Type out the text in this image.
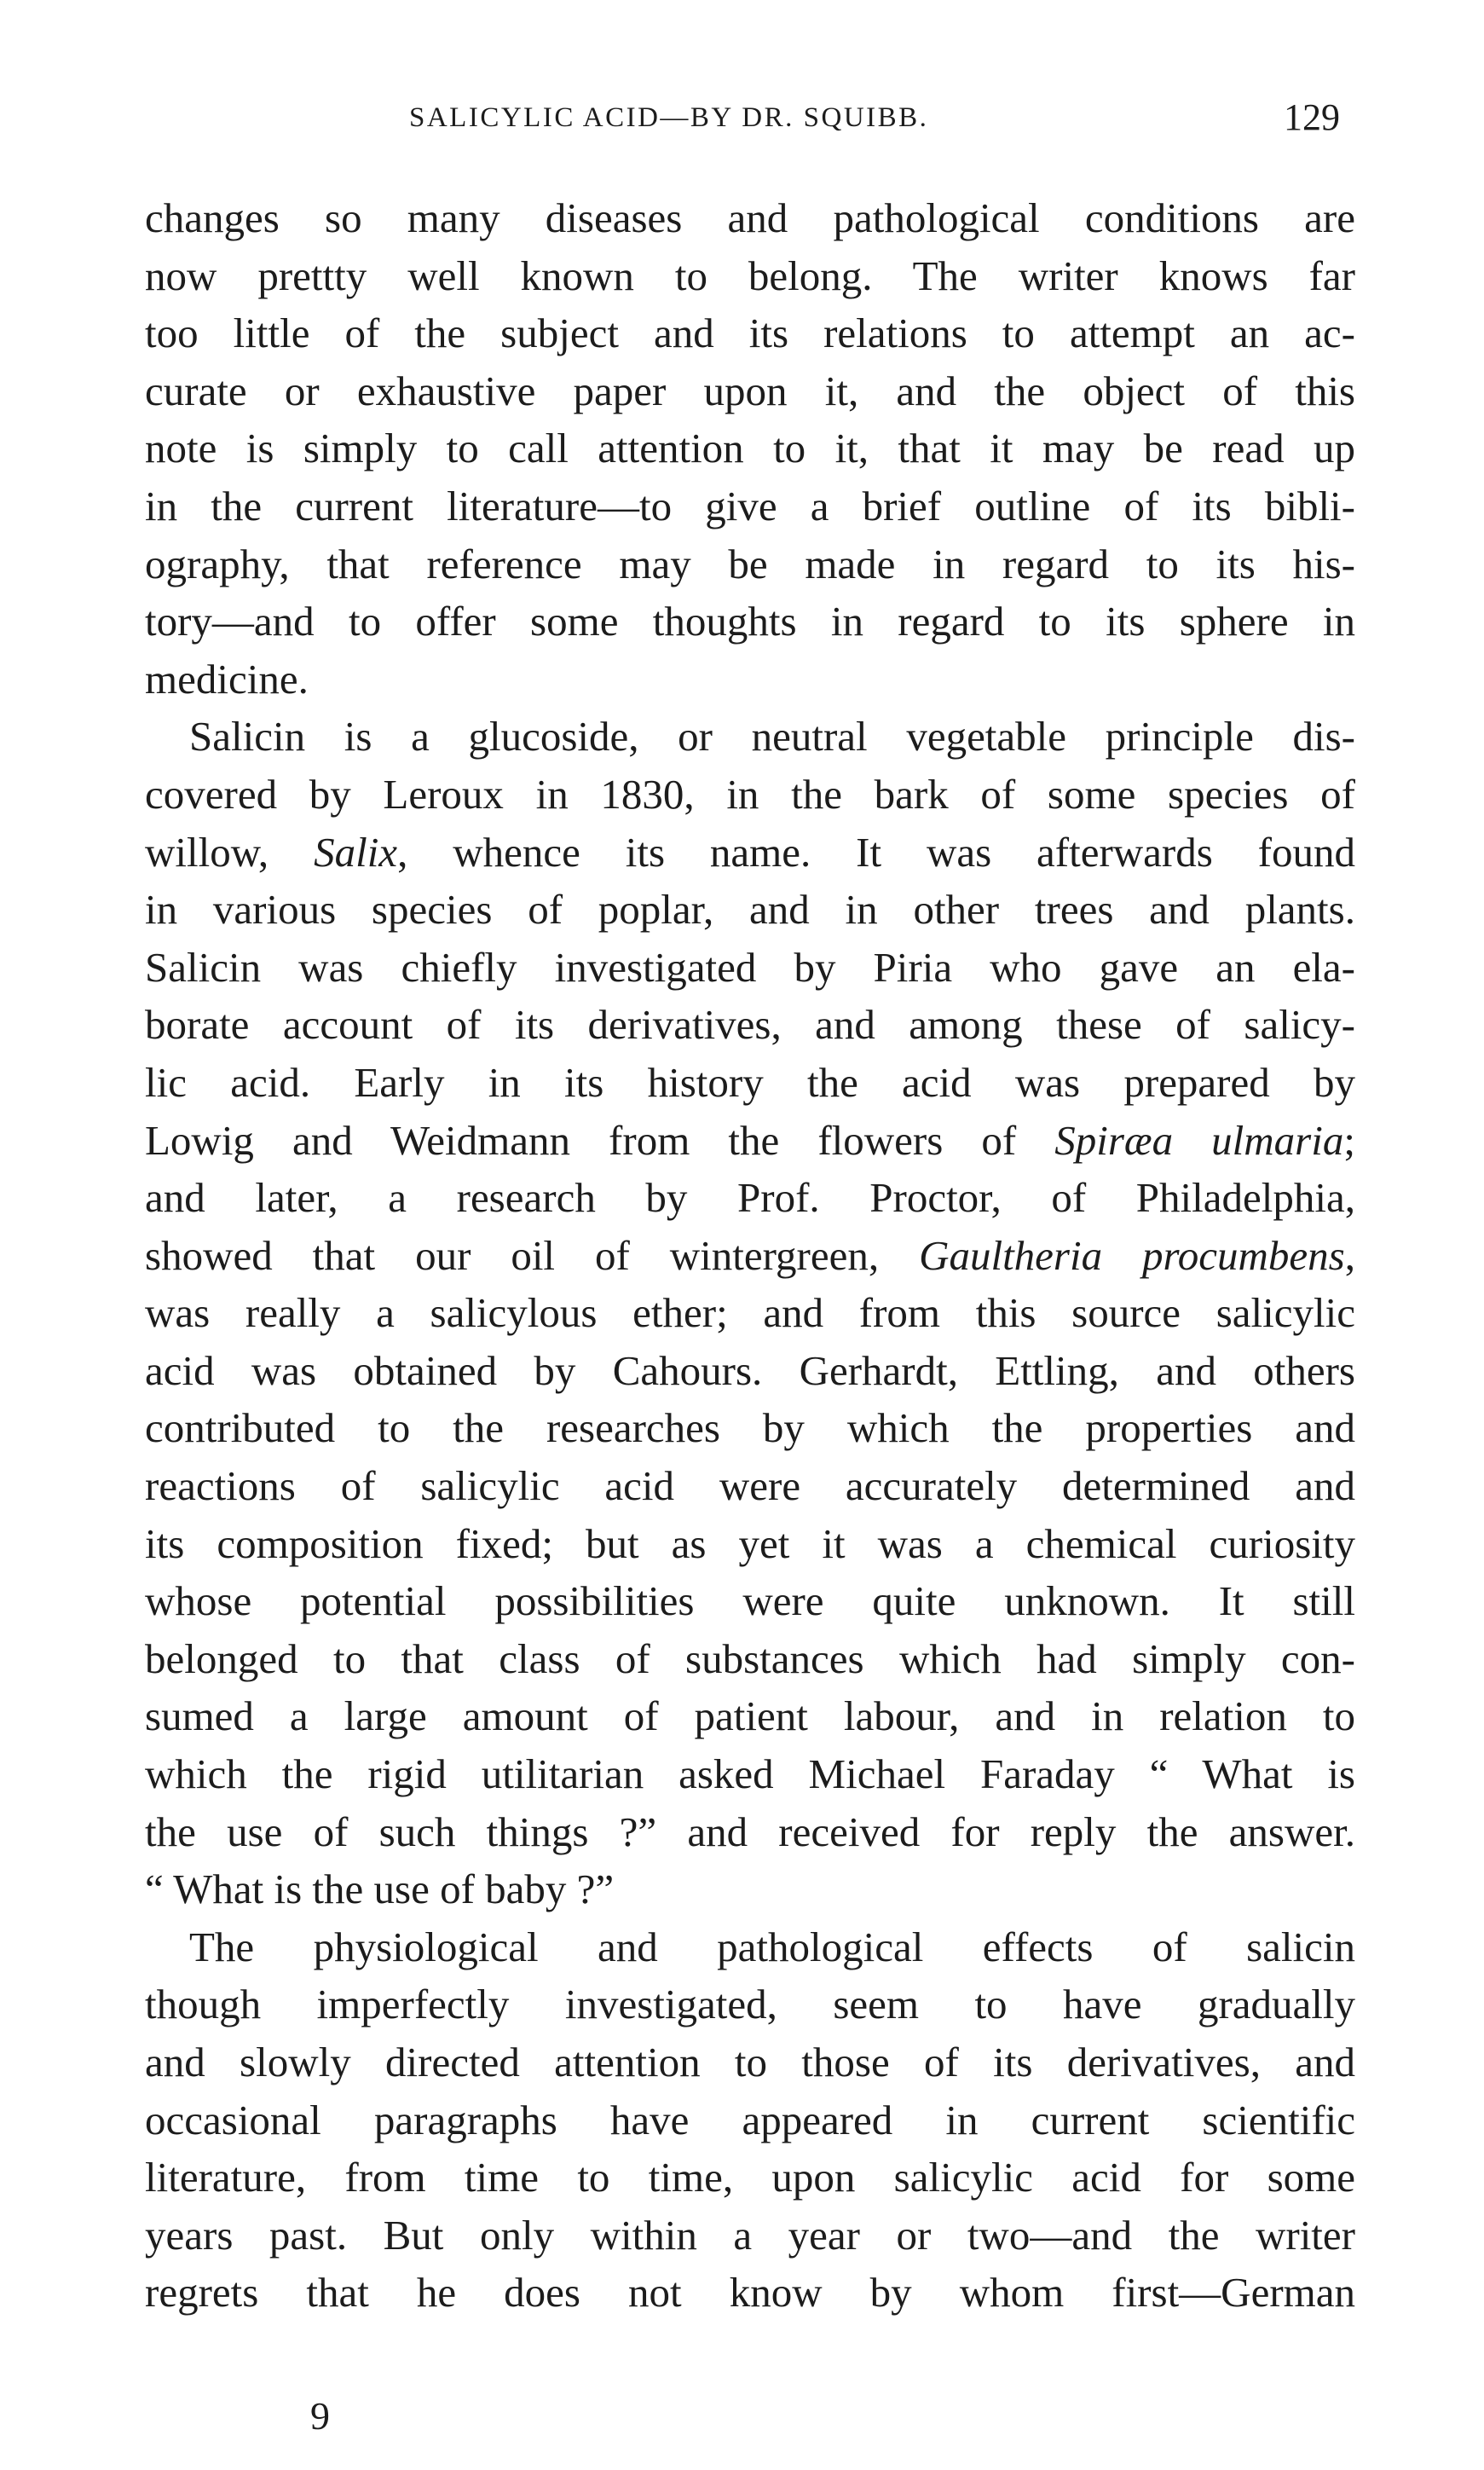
SALICYLIC ACID—BY DR. SQUIBB.	129
changes so many diseases and pathological conditions are
now prettty well known to belong. The writer knows far
too little of the subject and its relations to attempt an ac-
curate or exhaustive paper upon it, and the object of this
note is simply to call attention to it, that it may be read up
in the current literature—to give a brief outline of its bibli-
ography, that reference may be made in regard to its his-
tory—and to offer some thoughts in regard to its sphere in
medicine.
Salicin is a glucoside, or neutral vegetable principle dis-
covered by Leroux in 1830, in the bark of some species of
willow, Salix, whence its name. It was afterwards found
in various species of poplar, and in other trees and plants.
Salicin was chiefly investigated by Piria who gave an ela-
borate account of its derivatives, and among these of salicy-
lic acid. Early in its history the acid was prepared by
Lowig and Weidmann from the flowers of Spiræa ulmaria;
and later, a research by Prof. Proctor, of Philadelphia,
showed that our oil of wintergreen, Gaultheria procumbens,
was really a salicylous ether; and from this source salicylic
acid was obtained by Cahours. Gerhardt, Ettling, and others
contributed to the researches by which the properties and
reactions of salicylic acid were accurately determined and
its composition fixed; but as yet it was a chemical curiosity
whose potential possibilities were quite unknown. It still
belonged to that class of substances which had simply con-
sumed a large amount of patient labour, and in relation to
which the rigid utilitarian asked Michael Faraday “ What is
the use of such things ?” and received for reply the answer.
“ What is the use of baby ?”
The physiological and pathological effects of salicin
though imperfectly investigated, seem to have gradually
and slowly directed attention to those of its derivatives, and
occasional paragraphs have appeared in current scientific
literature, from time to time, upon salicylic acid for some
years past. But only within a year or two—and the writer
regrets that he does not know by whom first—German
9
